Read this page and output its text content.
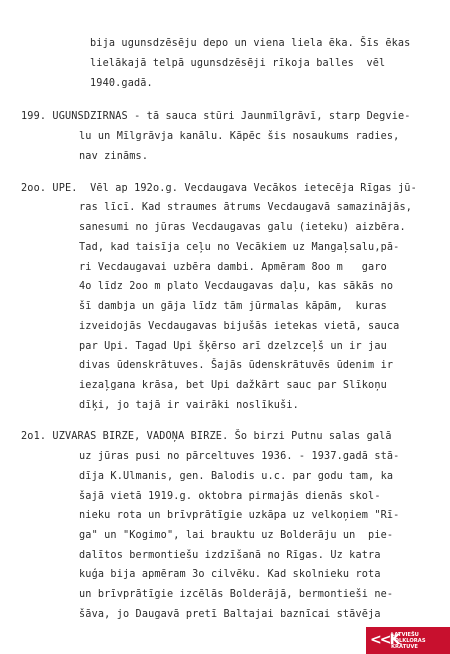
bija ugunsdzēsēju depo un viena liela ēka. Šīs ēkas
lielākajā telpā ugunsdzēsēji rīkoja balles  vēl
1940.gadā.
199. UGUNSDZIRNAS - tā sauca stūri Jaunmīlgrāvī, starp Degvie-
lu un Mīlgrāvja kanālu. Kāpēc šis nosaukums radies,
nav zināms.
2oo. UPE.  Vēl ap 192o.g. Vecdaugava Vecākos ietecēja Rīgas jū-
ras līcī. Kad straumes ātrums Vecdaugavā samazinājās,
sanesumi no jūras Vecdaugavas galu (ieteku) aizbēra.
Tad, kad taisīja ceļu no Vecākiem uz Mangaļsalu,pā-
ri Vecdaugavai uzbēra dambi. Apmēram 8oo m   garo
4o līdz 2oo m plato Vecdaugavas daļu, kas sākās no
šī dambja un gāja līdz tām jūrmalas kāpām,  kuras
izveidojās Vecdaugavas bijušās ietekas vietā, sauca
par Upi. Tagad Upi šķērso arī dzelzceļš un ir jau
divas ūdenskrātuves. Šajās ūdenskrātuvēs ūdenim ir
iezaļgana krāsa, bet Upi dažkārt sauc par Slīkoņu
dīķi, jo tajā ir vairāki noslīkuši.
2o1. UZVARAS BIRZE, VADOŅA BIRZE. Šo birzi Putnu salas galā
uz jūras pusi no pārceltuves 1936. - 1937.gadā stā-
dīja K.Ulmanis, gen. Balodis u.c. par godu tam, ka
šajā vietā 1919.g. oktobra pirmajās dienās skol-
nieku rota un brīvprātīgie uzkāpa uz velkoņiem "Rī-
ga" un "Kogimo", lai brauktu uz Bolderāju un  pie-
dalītos bermontiešu izdzīšanā no Rīgas. Uz katra
kuģa bija apmēram 3o cilvēku. Kad skolnieku rota
un brīvprātīgie izcēlās Bolderājā, bermontieši ne-
šāva, jo Daugavā pretī Baltajai baznīcai stāvēja
<<K
LATVIEŠU
FOLKLORAS
KRĀTUVE
